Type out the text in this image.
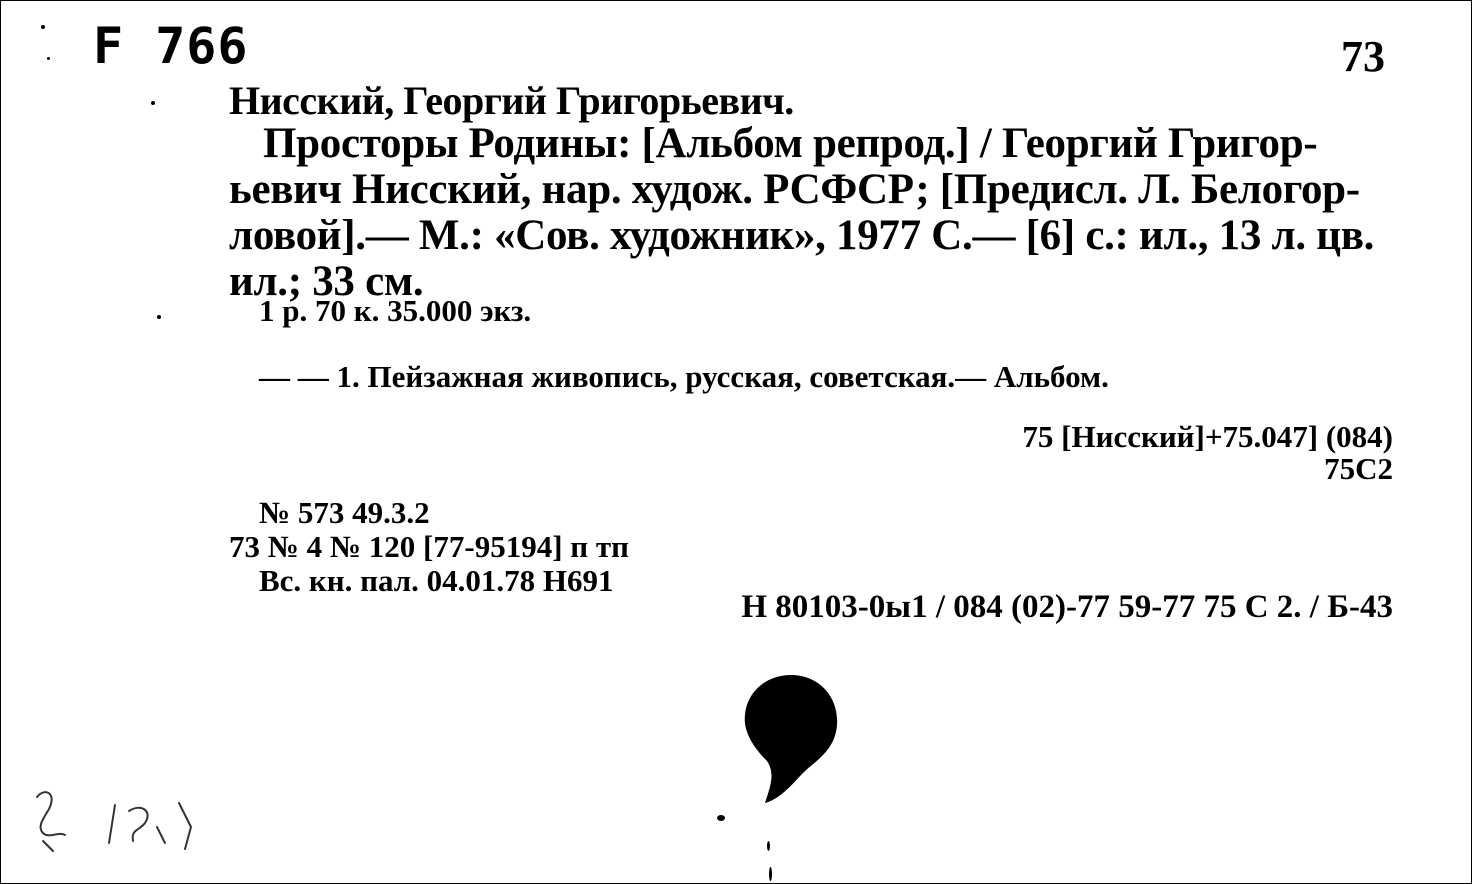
F 766	73
Нисский, Георгий Григорьевич.
Просторы Родины: [Альбом репрод.] / Георгий Григор-
ьевич Нисский, нар. худож. РСФСР; [Предисл. Л. Белогор-
ловой].— М.: «Сов. художник», 1977 С.— [6] с.: ил., 13 л. цв.
ил.; 33 см.
1 р. 70 к. 35.000 экз.
— — 1. Пейзажная живопись, русская, советская.— Альбом.
75 [Нисский]+75.047] (084)
75С2
№ 573 49.3.2
73 № 4 № 120 [77-95194] п тп
Вс. кн. пал. 04.01.78 Н691
Н 80103-0ы1 / 084 (02)-77 59-77 75 С 2. / Б-43
